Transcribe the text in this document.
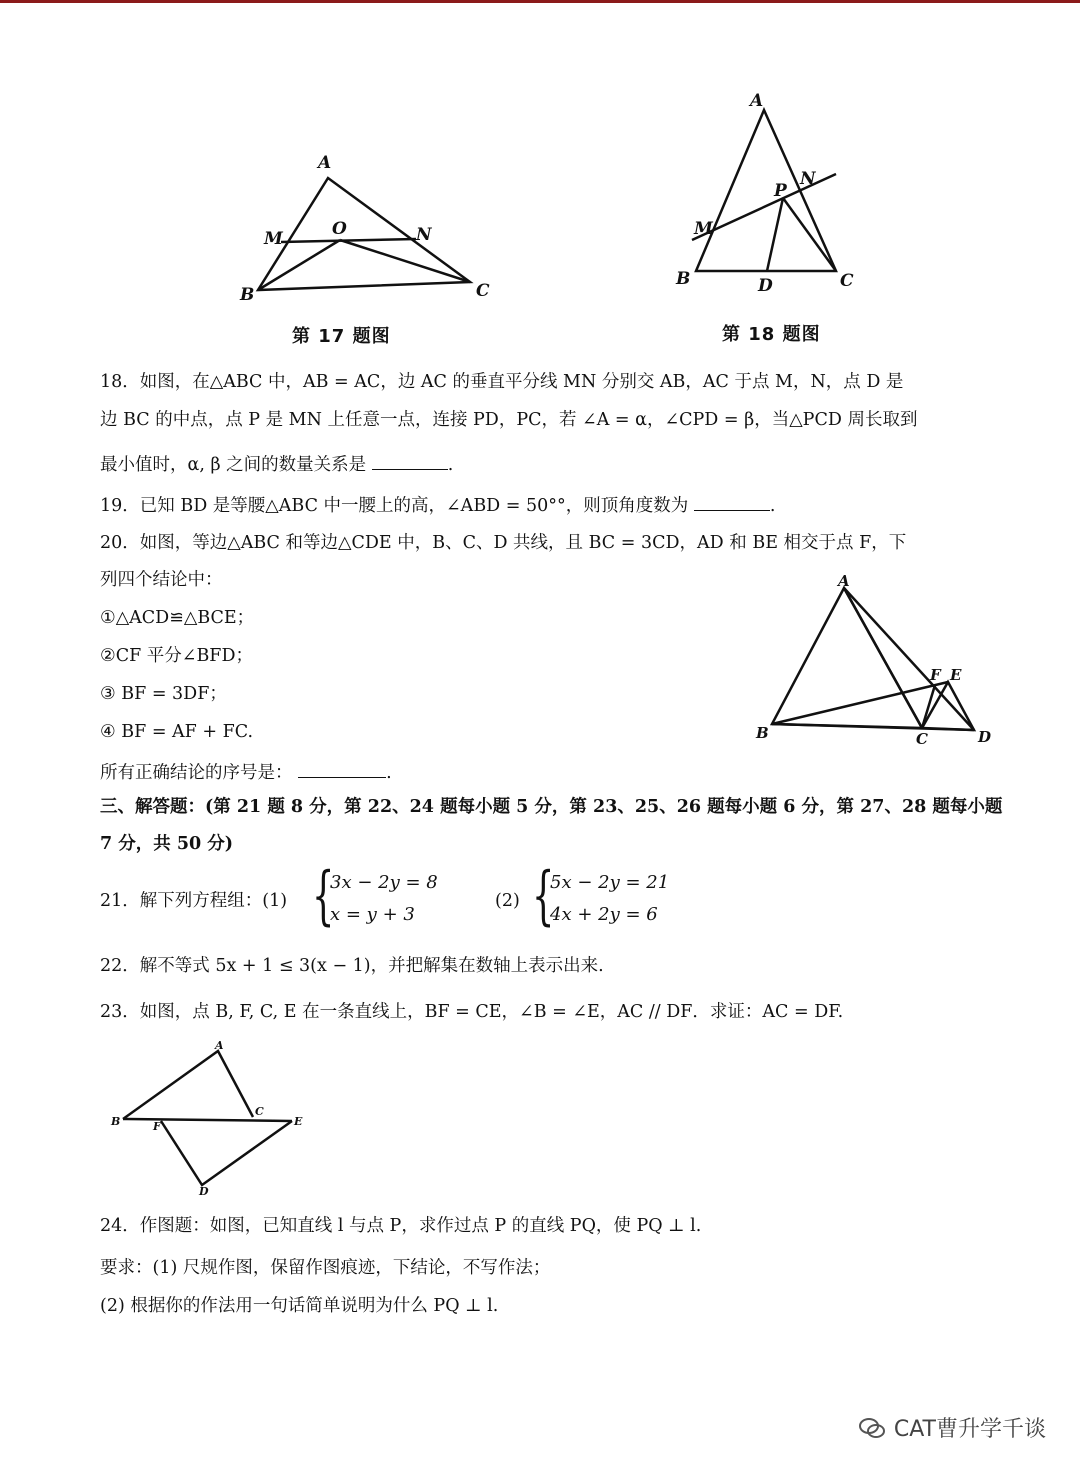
A
B	C
M	N
O
第 17 题图
A
B	C
D
M
N
P
第 18 题图
18．如图，在△ABC 中，AB = AC，边 AC 的垂直平分线 MN 分别交 AB，AC 于点 M，N，点 D 是
边 BC 的中点，点 P 是 MN 上任意一点，连接 PD，PC，若 ∠A = α，∠CPD = β，当△PCD 周长取到
最小值时，α, β 之间的数量关系是	.
19．已知 BD 是等腰△ABC 中一腰上的高，∠ABD = 50°°，则顶角度数为	.
20．如图，等边△ABC 和等边△CDE 中，B、C、D 共线，且 BC = 3CD，AD 和 BE 相交于点 F，下
列四个结论中：
①△ACD≌△BCE；
②CF 平分∠BFD；
③ BF = 3DF；
④ BF = AF + FC.
所有正确结论的序号是：	.
A
B	C	D
E
F
三、解答题：(第 21 题 8 分，第 22、24 题每小题 5 分，第 23、25、26 题每小题 6 分，第 27、28 题每小题
7 分，共 50 分)
21．解下列方程组：(1) {
3x − 2y = 8
x = y + 3
(2) {
5x − 2y = 21
4x + 2y = 6
22．解不等式 5x + 1 ≤ 3(x − 1)，并把解集在数轴上表示出来.
23．如图，点 B, F, C, E 在一条直线上，BF = CE，∠B = ∠E，AC // DF．求证：AC = DF.
A
B
C
D
E
F
24．作图题：如图，已知直线 l 与点 P，求作过点 P 的直线 PQ，使 PQ ⊥ l.
要求：(1) 尺规作图，保留作图痕迹，下结论，不写作法；
(2) 根据你的作法用一句话简单说明为什么 PQ ⊥ l.
CAT曹升学千谈
